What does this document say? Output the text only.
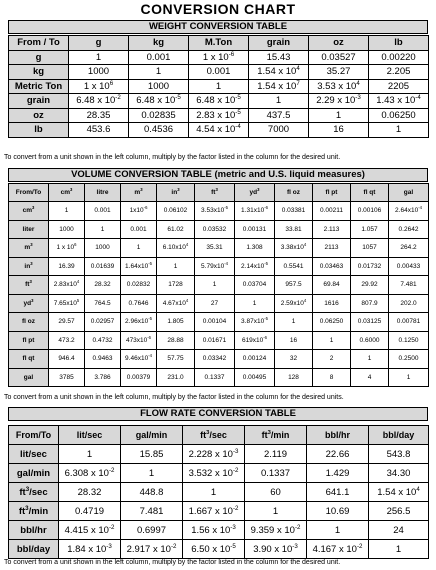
CONVERSION CHART
WEIGHT CONVERSION TABLE
From / To	g	kg	M.Ton	grain	oz	lb
g	1	0.001	1 x $10^{-6}$	15.43	0.03527	0.00220
kg	1000	1	0.001	1.54 x $10^4$	35.27	2.205
Metric Ton	1 x $10^6$	1000	1	1.54 x $10^7$	3.53 x $10^4$	2205
grain	6.48 x $10^{-2}$	6.48 x $10^{-5}$	6.48 x $10^{-5}$	1	2.29 x $10^{-3}$	1.43 x $10^{-4}$
oz	28.35	0.02835	2.83 x $10^{-5}$	437.5	1	0.06250
lb	453.6	0.4536	4.54 x $10^{-4}$	7000	16	1
To convert from a unit shown in the left column, multiply by the factor listed in the column for the desired unit.
VOLUME CONVERSION TABLE (metric and U.S. liquid measures)
From/To	$cm^3$	litre	$m^3$	$in^3$	$ft^3$	$yd^3$	fl oz	fl pt	fl qt	gal
$cm^3$	1	0.001	$1x10^{-6}$	0.06102	$3.53x10^{-5}$	$1.31x10^{-6}$	0.03381	0.00211	0.00106	$2.64x10^{-4}$
liter	1000	1	0.001	61.02	0.03532	0.00131	33.81	2.113	1.057	0.2642
$m^3$	1 x $10^6$	1000	1	$6.10x10^4$	35.31	1.308	$3.38x10^4$	2113	1057	264.2
$in^3$	16.39	0.01639	$1.64x10^{-5}$	1	$5.79x10^{-4}$	$2.14x10^{-5}$	0.5541	0.03463	0.01732	0.00433
$ft^3$	$2.83x10^4$	28.32	0.02832	1728	1	0.03704	957.5	69.84	29.92	7.481
$yd^3$	$7.65x10^5$	764.5	0.7646	$4.67x10^4$	27	1	$2.59x10^4$	1616	807.9	202.0
fl oz	29.57	0.02957	$2.96x10^{-5}$	1.805	0.00104	$3.87x10^{-5}$	1	0.06250	0.03125	0.00781
fl pt	473.2	0.4732	$473x10^{-6}$	28.88	0.01671	$619x10^{-6}$	16	1	0.6000	0.1250
fl qt	946.4	0.9463	$9.46x10^{-4}$	57.75	0.03342	0.00124	32	2	1	0.2500
gal	3785	3.786	0.00379	231.0	0.1337	0.00495	128	8	4	1
To convert from a unit shown in the left column, multiply by the factor listed in the column for the desired units.
FLOW RATE CONVERSION TABLE
From/To	lit/sec	gal/min	$ft^3/\sec$	$ft^3/\min$	bbl/hr	bbl/day
lit/sec	1	15.85	2.228 x $10^{-3}$	2.119	22.66	543.8
gal/min	6.308 x $10^{-2}$	1	3.532 x $10^{-2}$	0.1337	1.429	34.30
$ft^3/\sec$	28.32	448.8	1	60	641.1	1.54 x $10^4$
$ft^3/\min$	0.4719	7.481	1.667 x $10^{-2}$	1	10.69	256.5
bbl/hr	4.415 x $10^{-2}$	0.6997	1.56 x $10^{-3}$	9.359 x $10^{-2}$	1	24
bbl/day	1.84 x $10^{-3}$	2.917 x $10^{-2}$	6.50 x $10^{-5}$	3.90 x $10^{-3}$	4.167 x $10^{-2}$	1
To convert from a unit shown in the left column, multiply by the factor listed in the column for the desired unit.
